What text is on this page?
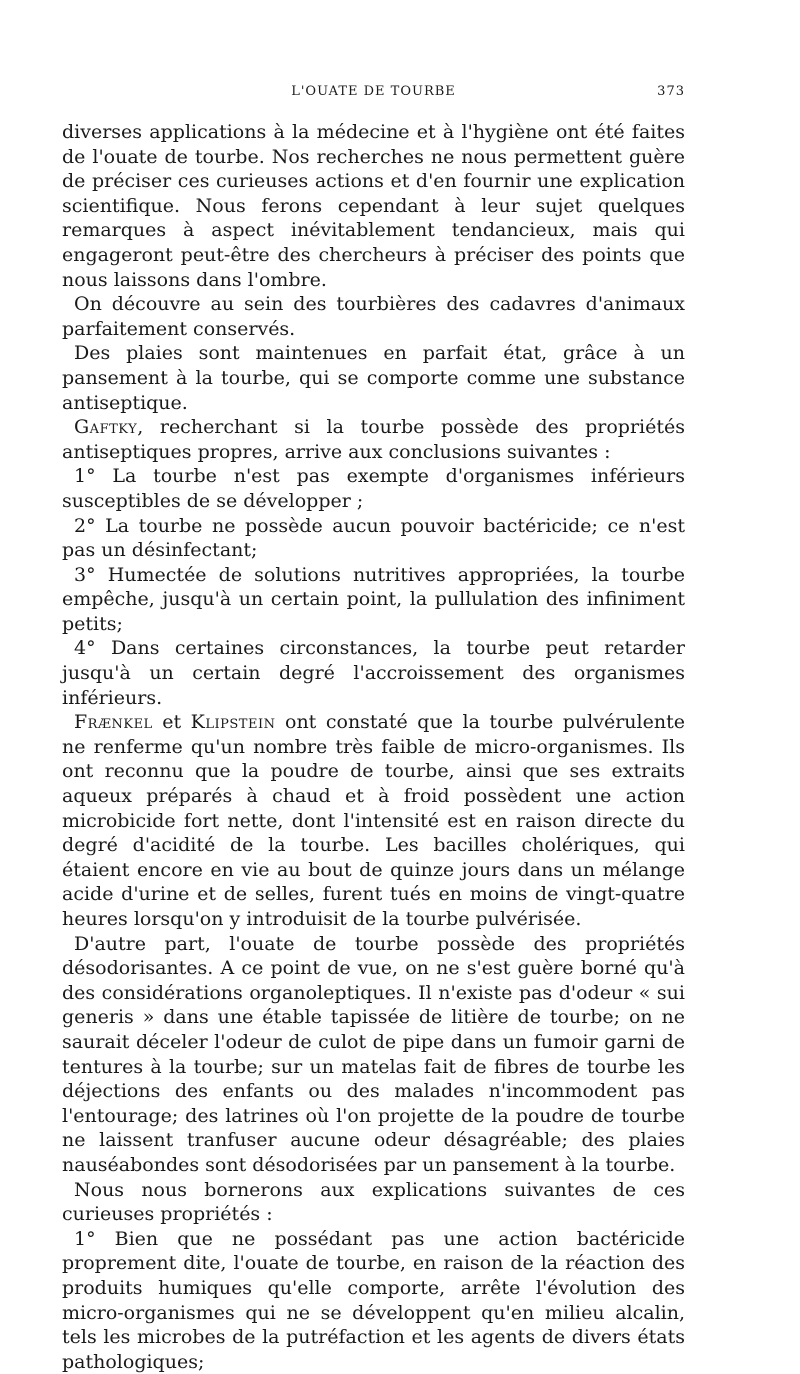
L'OUATE DE TOURBE	373

diverses applications à la médecine et à l'hygiène ont été faites de l'ouate de tourbe. Nos recherches ne nous permettent guère de préciser ces curieuses actions et d'en fournir une explication scientifique. Nous ferons cependant à leur sujet quelques remarques à aspect inévitablement tendancieux, mais qui engageront peut-être des chercheurs à préciser des points que nous laissons dans l'ombre.

On découvre au sein des tourbières des cadavres d'animaux parfaitement conservés.

Des plaies sont maintenues en parfait état, grâce à un pansement à la tourbe, qui se comporte comme une substance antiseptique.

Gaftky, recherchant si la tourbe possède des propriétés antiseptiques propres, arrive aux conclusions suivantes :

1° La tourbe n'est pas exempte d'organismes inférieurs susceptibles de se développer ;

2° La tourbe ne possède aucun pouvoir bactéricide; ce n'est pas un désinfectant;

3° Humectée de solutions nutritives appropriées, la tourbe empêche, jusqu'à un certain point, la pullulation des infiniment petits;

4° Dans certaines circonstances, la tourbe peut retarder jusqu'à un certain degré l'accroissement des organismes inférieurs.

Frænkel et Klipstein ont constaté que la tourbe pulvérulente ne renferme qu'un nombre très faible de micro-organismes. Ils ont reconnu que la poudre de tourbe, ainsi que ses extraits aqueux préparés à chaud et à froid possèdent une action microbicide fort nette, dont l'intensité est en raison directe du degré d'acidité de la tourbe. Les bacilles cholériques, qui étaient encore en vie au bout de quinze jours dans un mélange acide d'urine et de selles, furent tués en moins de vingt-quatre heures lorsqu'on y introduisit de la tourbe pulvérisée.

D'autre part, l'ouate de tourbe possède des propriétés désodorisantes. A ce point de vue, on ne s'est guère borné qu'à des considérations organoleptiques. Il n'existe pas d'odeur « sui generis » dans une étable tapissée de litière de tourbe; on ne saurait déceler l'odeur de culot de pipe dans un fumoir garni de tentures à la tourbe; sur un matelas fait de fibres de tourbe les déjections des enfants ou des malades n'incommodent pas l'entourage; des latrines où l'on projette de la poudre de tourbe ne laissent tranfuser aucune odeur désagréable; des plaies nauséabondes sont désodorisées par un pansement à la tourbe.

Nous nous bornerons aux explications suivantes de ces curieuses propriétés :

1° Bien que ne possédant pas une action bactéricide proprement dite, l'ouate de tourbe, en raison de la réaction des produits humiques qu'elle comporte, arrête l'évolution des micro-organismes qui ne se développent qu'en milieu alcalin, tels les microbes de la putréfaction et les agents de divers états pathologiques;
